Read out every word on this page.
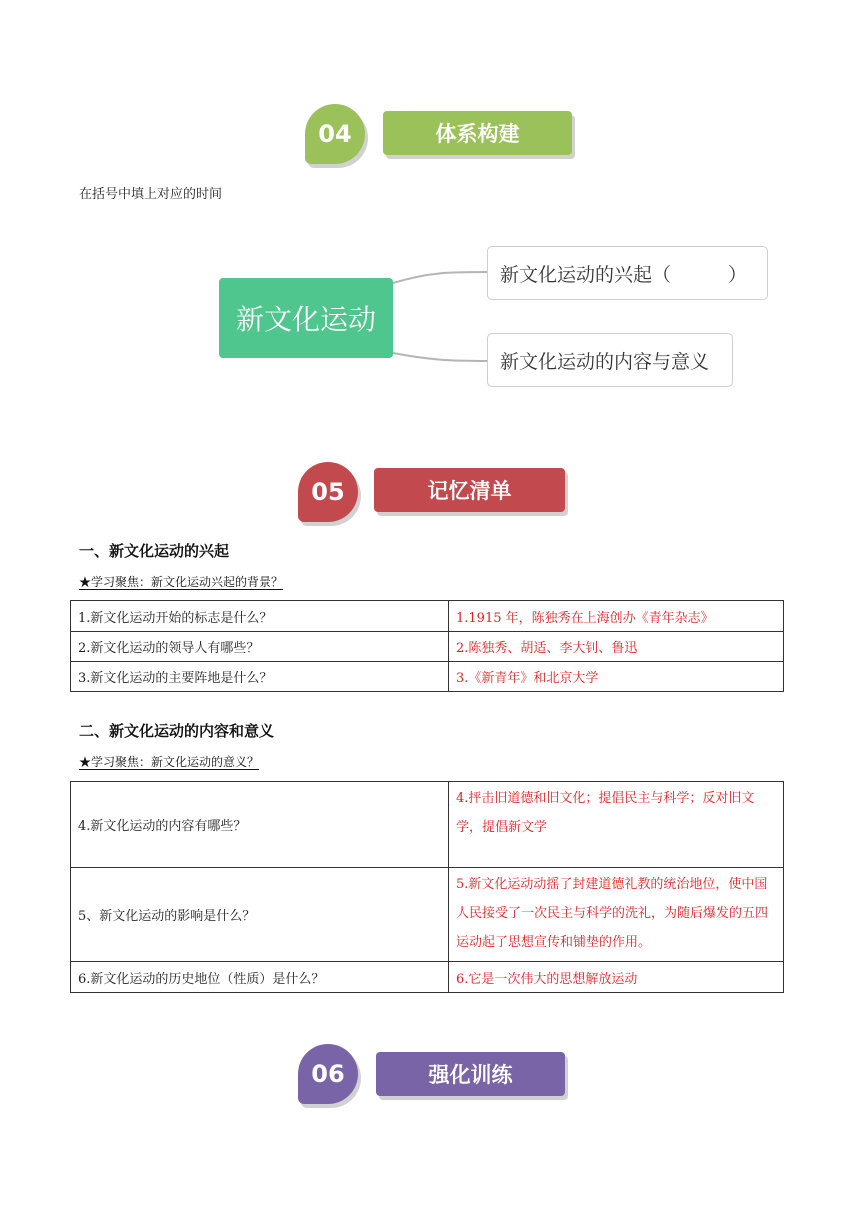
体系构建
04
在括号中填上对应的时间
新文化运动
新文化运动的兴起（　　　）
新文化运动的内容与意义
记忆清单
05
一、新文化运动的兴起
★学习聚焦：新文化运动兴起的背景？
1.新文化运动开始的标志是什么？	1.1915 年，陈独秀在上海创办《青年杂志》
2.新文化运动的领导人有哪些？	2.陈独秀、胡适、李大钊、鲁迅
3.新文化运动的主要阵地是什么？	3.《新青年》和北京大学
二、新文化运动的内容和意义
★学习聚焦：新文化运动的意义？
4.新文化运动的内容有哪些？	4.抨击旧道德和旧文化；提倡民主与科学；反对旧文学，提倡新文学
5、新文化运动的影响是什么？	5.新文化运动动摇了封建道德礼教的统治地位，使中国人民接受了一次民主与科学的洗礼，为随后爆发的五四运动起了思想宣传和铺垫的作用。
6.新文化运动的历史地位（性质）是什么？	6.它是一次伟大的思想解放运动
强化训练
06
